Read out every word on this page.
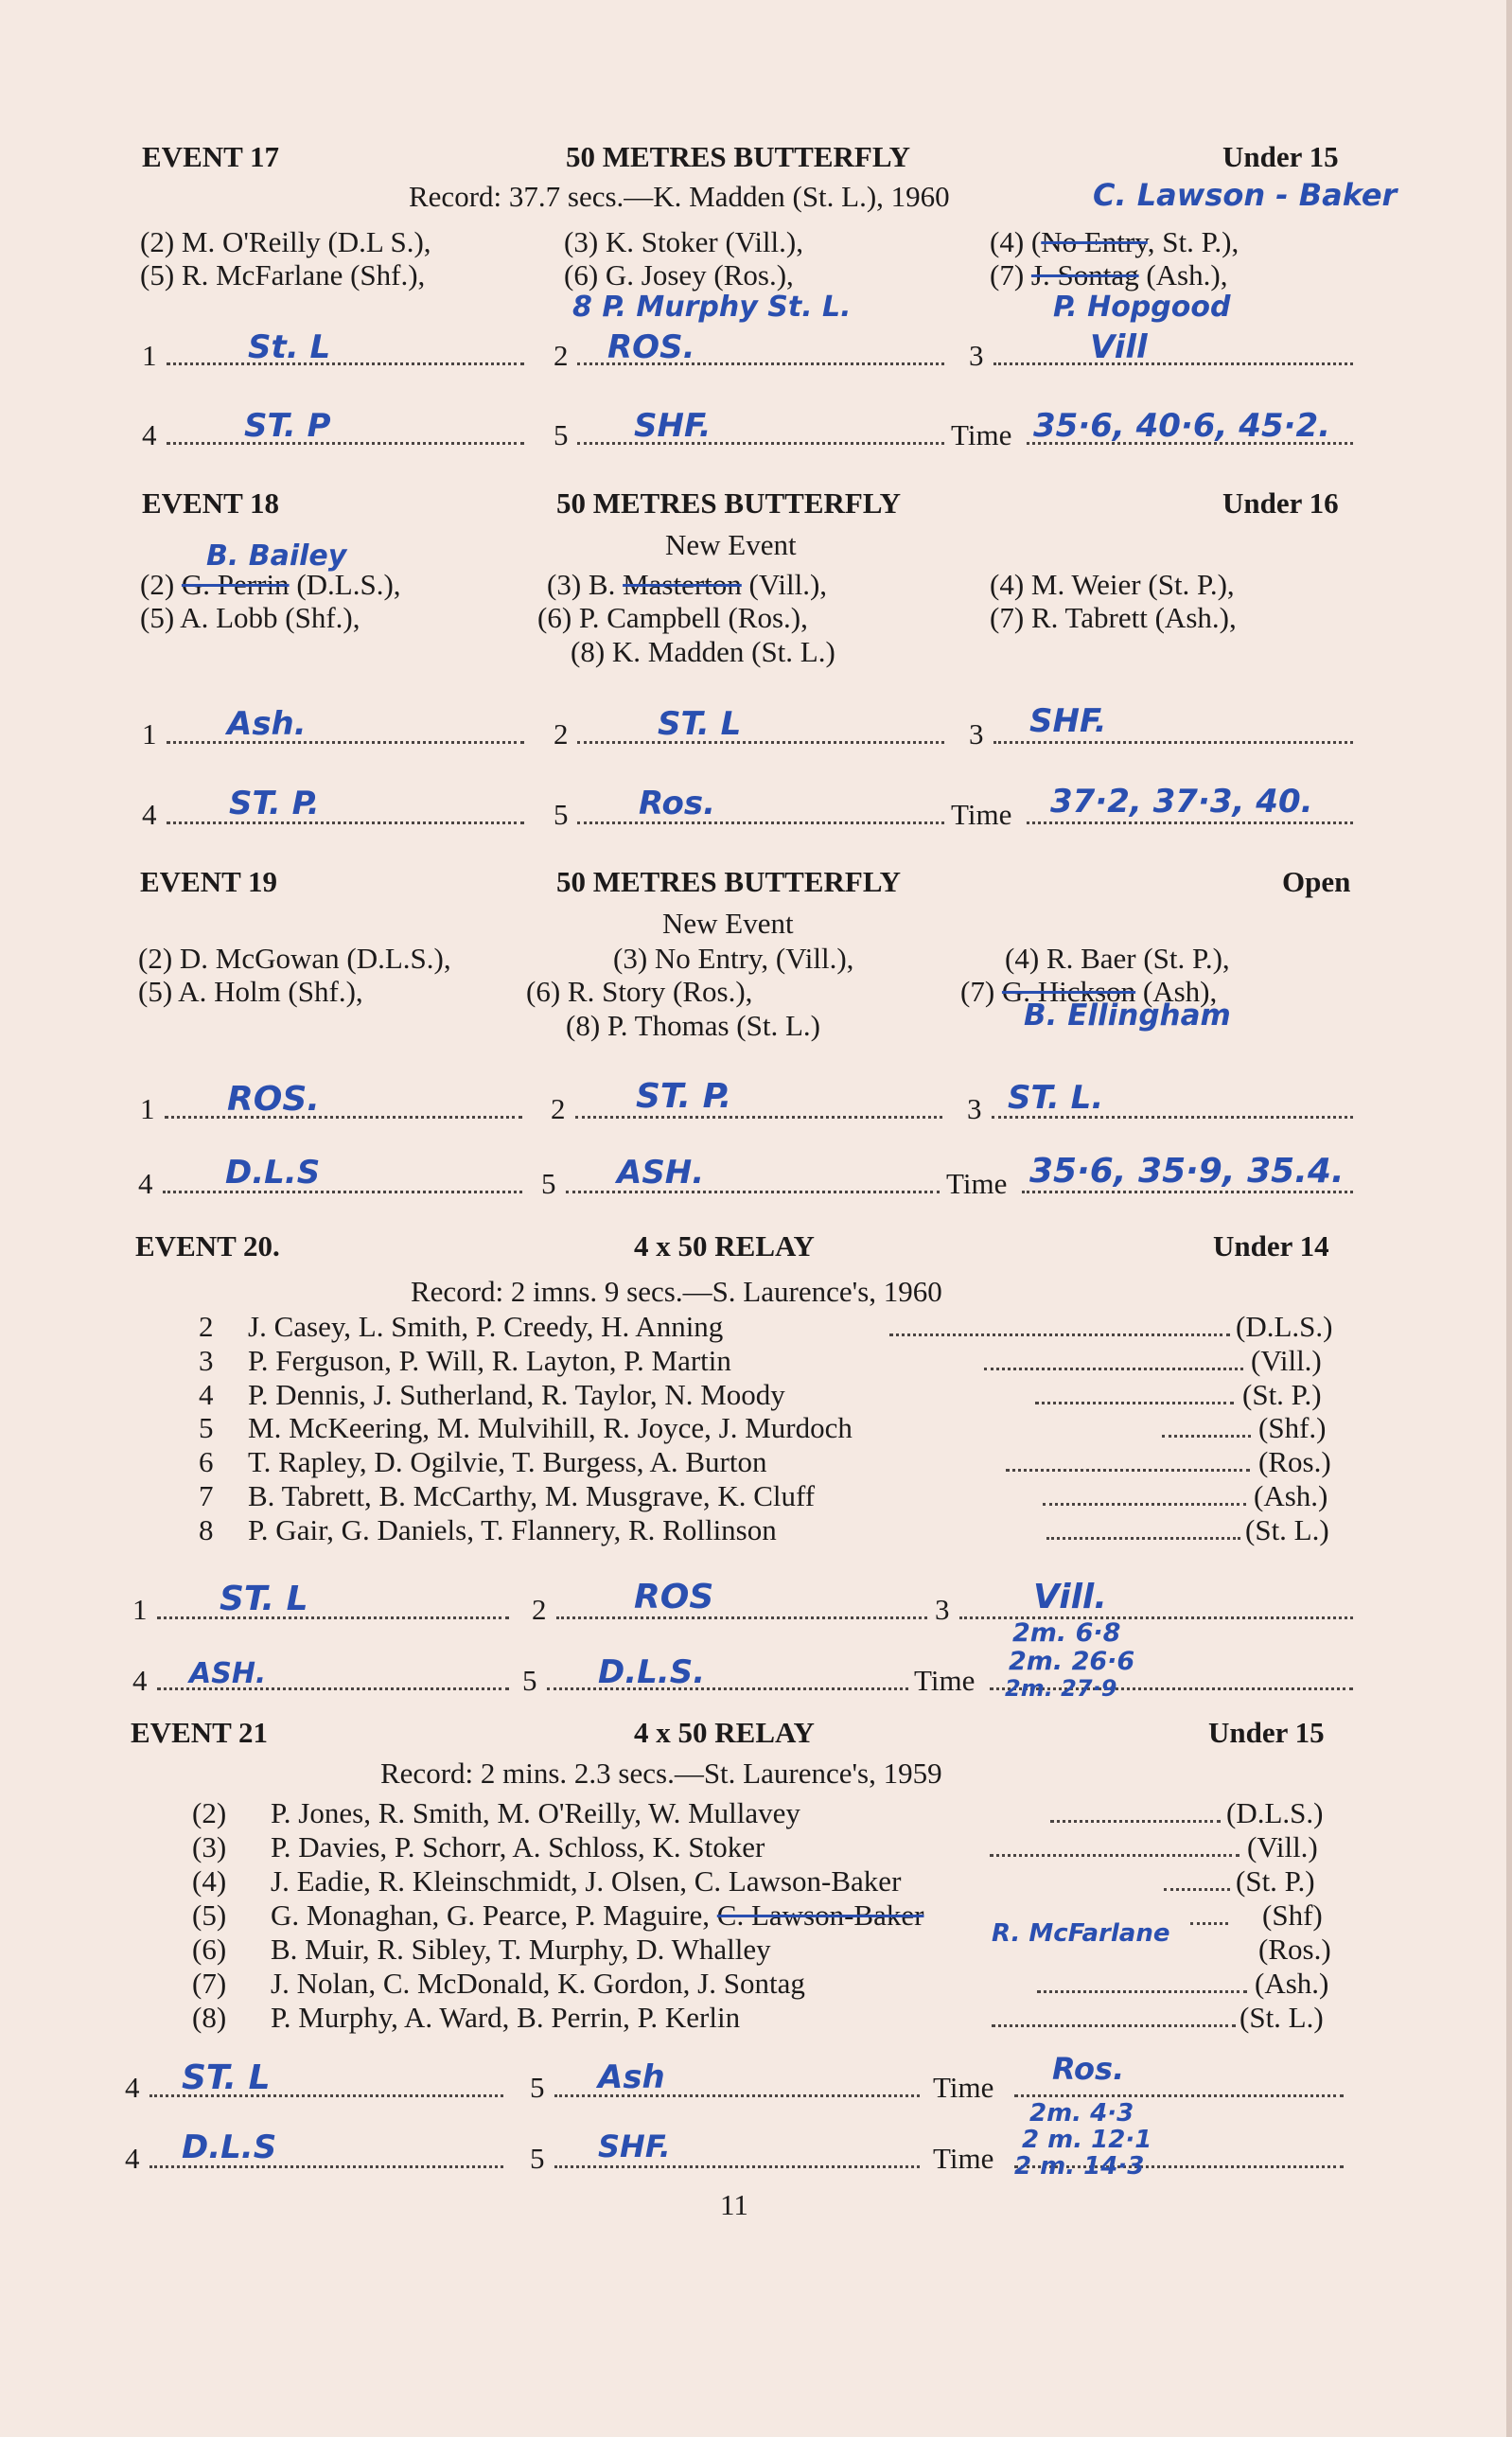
EVENT 17	50 METRES BUTTERFLY	Under 15
Record: 37.7 secs.—K. Madden (St. L.), 1960	C. Lawson - Baker
(2) M. O'Reilly (D.L S.),	(3) K. Stoker (Vill.),	(4) (No Entry, St. P.),
(5) R. McFarlane (Shf.),	(6) G. Josey (Ros.),	(7) J. Sontag (Ash.),
8 P. Murphy St. L.	P. Hopgood
1	St. L	2 ROS.	3	Vill
4	ST. P	5 SHF.	Time 35·6, 40·6, 45·2.
EVENT 18	50 METRES BUTTERFLY	Under 16
New Event
B. Bailey
(2) G. Perrin (D.L.S.),	(3) B. Masterton (Vill.),	(4) M. Weier (St. P.),
(5) A. Lobb (Shf.),	(6) P. Campbell (Ros.),	(7) R. Tabrett (Ash.),
(8) K. Madden (St. L.)
1 Ash.	2	ST. L	3 SHF.
4 ST. P.	5 Ros.	Time 37·2, 37·3, 40.
EVENT 19	50 METRES BUTTERFLY	Open
New Event
(2) D. McGowan (D.L.S.),	(3) No Entry, (Vill.),	(4) R. Baer (St. P.),
(5) A. Holm (Shf.),	(6) R. Story (Ros.),	(7) G. Hickson (Ash),
(8) P. Thomas (St. L.)	B. Ellingham
1 ROS.	2 ST. P.	3 ST. L.
4 D.L.S	5 ASH.	Time 35·6, 35·9, 35.4.
EVENT 20.	4 x 50 RELAY	Under 14
Record: 2 imns. 9 secs.—S. Laurence's, 1960
2 J. Casey, L. Smith, P. Creedy, H. Anning	(D.L.S.)
3 P. Ferguson, P. Will, R. Layton, P. Martin	(Vill.)
4 P. Dennis, J. Sutherland, R. Taylor, N. Moody	(St. P.)
5 M. McKeering, M. Mulvihill, R. Joyce, J. Murdoch	(Shf.)
6 T. Rapley, D. Ogilvie, T. Burgess, A. Burton	(Ros.)
7 B. Tabrett, B. McCarthy, M. Musgrave, K. Cluff	(Ash.)
8 P. Gair, G. Daniels, T. Flannery, R. Rollinson	(St. L.)
1 ST. L	2	ROS	3 Vill.
4 ASH.	5 D.L.S.	Time
2m. 6·8
2m. 26·6
2m. 27·9
EVENT 21	4 x 50 RELAY	Under 15
Record: 2 mins. 2.3 secs.—St. Laurence's, 1959
(2) P. Jones, R. Smith, M. O'Reilly, W. Mullavey	(D.L.S.)
(3) P. Davies, P. Schorr, A. Schloss, K. Stoker	(Vill.)
(4) J. Eadie, R. Kleinschmidt, J. Olsen, C. Lawson-Baker	(St. P.)
(5) G. Monaghan, G. Pearce, P. Maguire, C. Lawson-Baker	(Shf)
(6) B. Muir, R. Sibley, T. Murphy, D. Whalley	R. McFarlane	(Ros.)
(7) J. Nolan, C. McDonald, K. Gordon, J. Sontag	(Ash.)
(8) P. Murphy, A. Ward, B. Perrin, P. Kerlin	(St. L.)
4 ST. L	5 Ash	Time
Ros.
4 D.L.S	5 SHF.	Time
2m. 4·3
2 m. 12·1
2 m. 14·3
11
